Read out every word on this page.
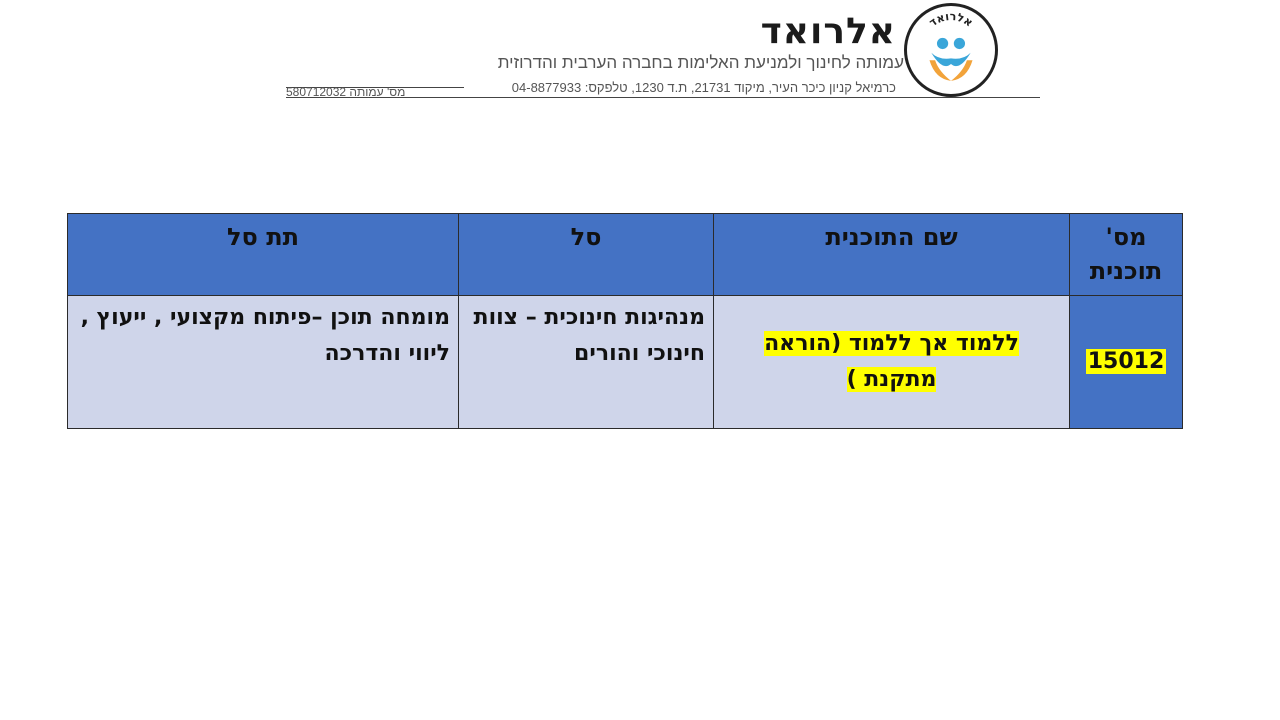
אלרואד
אלרואד
עמותה לחינוך ולמניעת האלימות בחברה הערבית והדרוזית
כרמיאל קניון כיכר העיר, מיקוד 21731, ת.ד 1230, טלפקס: 04-8877933
מס' עמותה 580712032
מס' תוכנית	שם התוכנית	סל	תת סל
15012	ללמוד אך ללמוד (הוראה מתקנת )	מנהיגות חינוכית – צוות חינוכי והורים	מומחה תוכן –פיתוח מקצועי , ייעוץ , ליווי והדרכה
